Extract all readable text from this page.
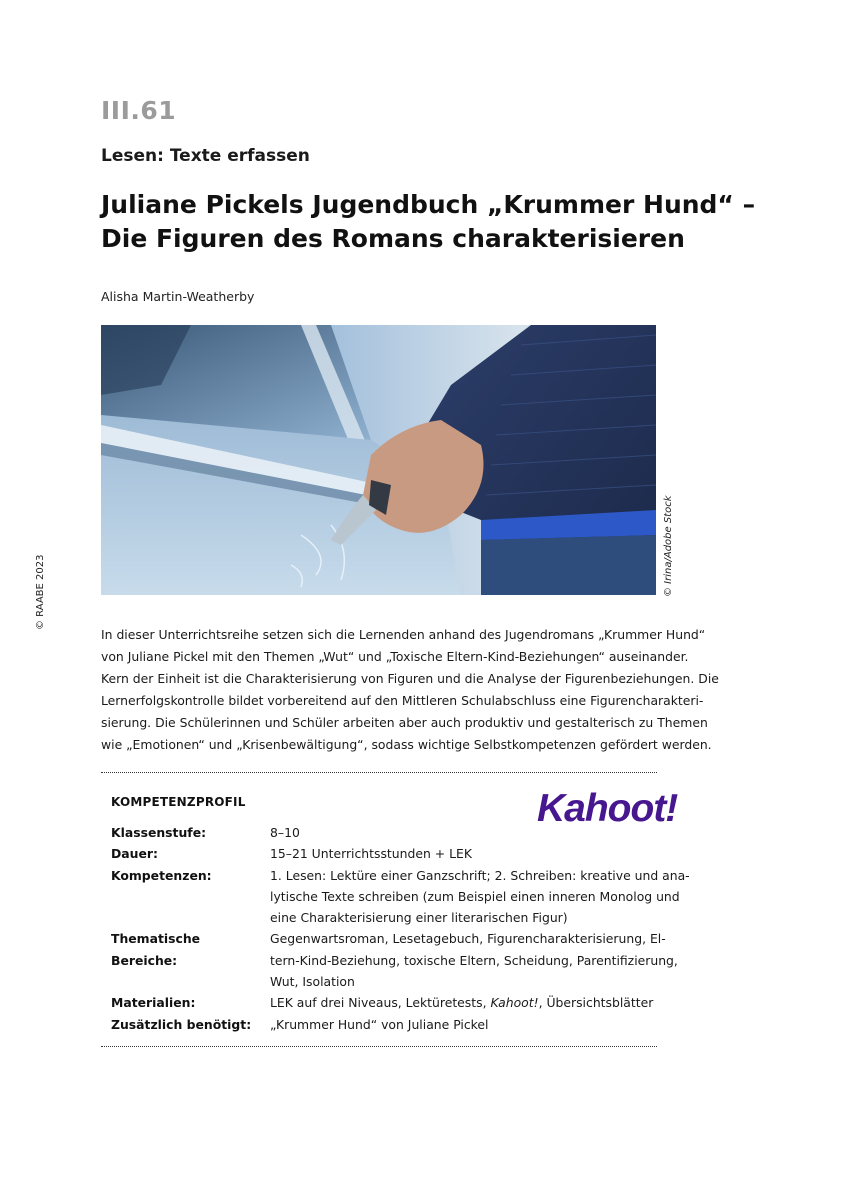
III.61
Lesen: Texte erfassen
Juliane Pickels Jugendbuch „Krummer Hund“ –
Die Figuren des Romans charakterisieren
Alisha Martin-Weatherby
© Irina/Adobe Stock
© RAABE 2023

In dieser Unterrichtsreihe setzen sich die Lernenden anhand des Jugendromans „Krummer Hund“

von Juliane Pickel mit den Themen „Wut“ und „Toxische Eltern-Kind-Beziehungen“ auseinander.

Kern der Einheit ist die Charakterisierung von Figuren und die Analyse der Figurenbeziehungen. Die

Lernerfolgskontrolle bildet vorbereitend auf den Mittleren Schulabschluss eine Figurencharakteri-

sierung. Die Schülerinnen und Schüler arbeiten aber auch produktiv und gestalterisch zu Themen

wie „Emotionen“ und „Krisenbewältigung“, sodass wichtige Selbstkompetenzen gefördert werden.

KOMPETENZPROFIL	Kahoot!
Klassenstufe:	8–10
Dauer:	15–21 Unterrichtsstunden + LEK
Kompetenzen:	1. Lesen: Lektüre einer Ganzschrift; 2. Schreiben: kreative und ana-
lytische Texte schreiben (zum Beispiel einen inneren Monolog und
eine Charakterisierung einer literarischen Figur)
Thematische Bereiche:
Gegenwartsroman, Lesetagebuch, Figurencharakterisierung, El-
tern-Kind-Beziehung, toxische Eltern, Scheidung, Parentifizierung,
Wut, Isolation
Materialien:	LEK auf drei Niveaus, Lektüretests, Kahoot!, Übersichtsblätter
Zusätzlich benötigt:	„Krummer Hund“ von Juliane Pickel
